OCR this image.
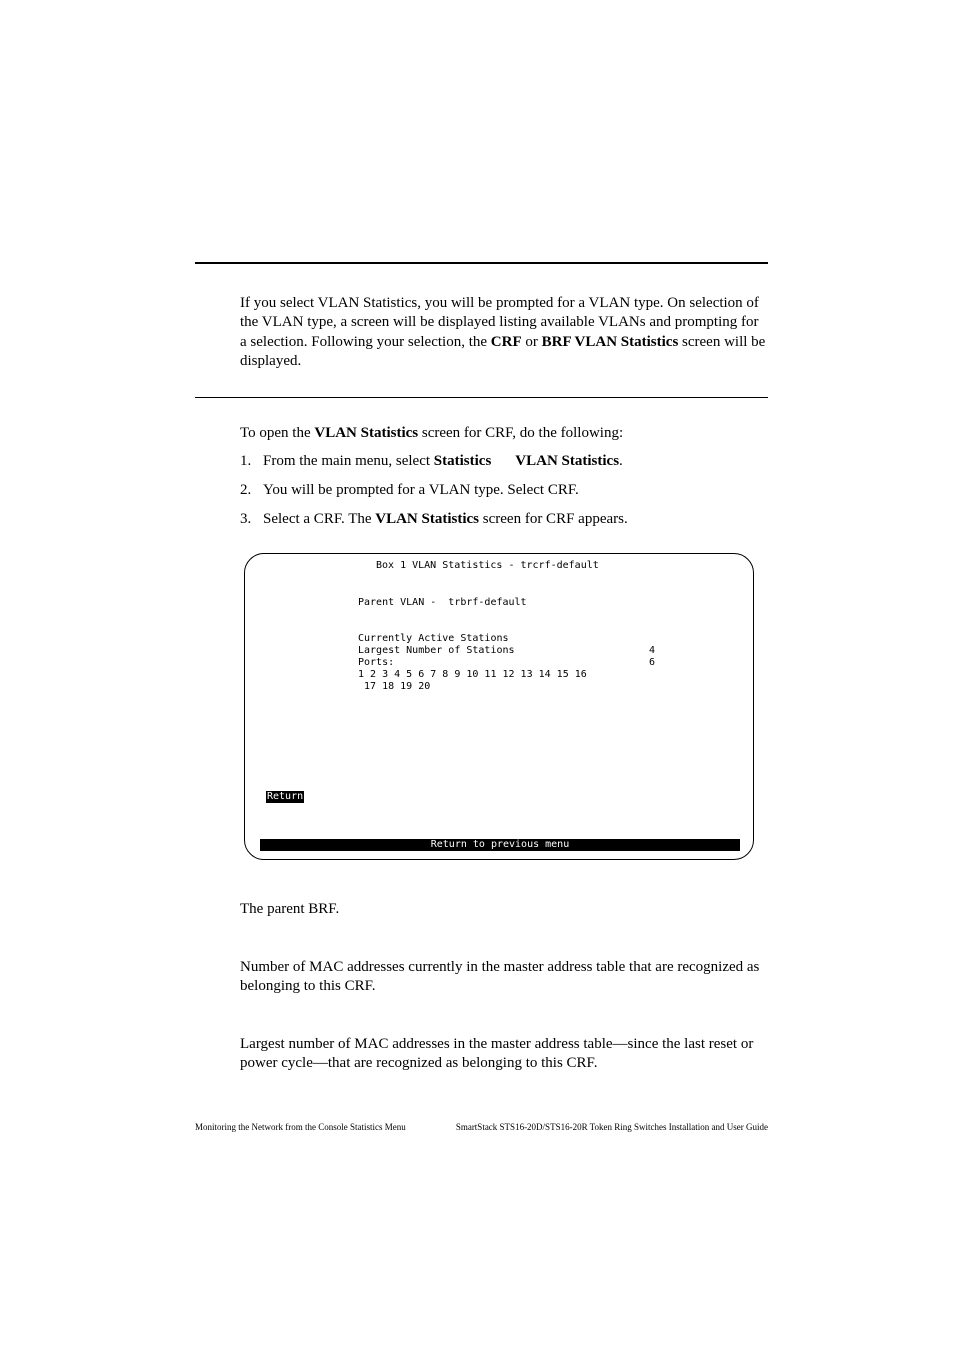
If you select VLAN Statistics, you will be prompted for a VLAN type. On selection of the VLAN type, a screen will be displayed listing available VLANs and prompting for a selection. Following your selection, the CRF or BRF VLAN Statistics screen will be displayed.

To open the VLAN Statistics screen for CRF, do the following:

1. From the main menu, select Statistics VLAN Statistics.
2. You will be prompted for a VLAN type. Select CRF.
3. Select a CRF. The VLAN Statistics screen for CRF appears.
Box 1 VLAN Statistics - trcrf-default
Parent VLAN -  trbrf-default

Currently Active Stations

4

Largest Number of Stations

6

Ports:
1 2 3 4 5 6 7 8 9 10 11 12 13 14 15 16
17 18 19 20
Return
Return to previous menu

The parent BRF.

Number of MAC addresses currently in the master address table that are recognized as belonging to this CRF.

Largest number of MAC addresses in the master address table—since the last reset or power cycle—that are recognized as belonging to this CRF.

Monitoring the Network from the Console Statistics Menu	SmartStack STS16-20D/STS16-20R Token Ring Switches Installation and User Guide
